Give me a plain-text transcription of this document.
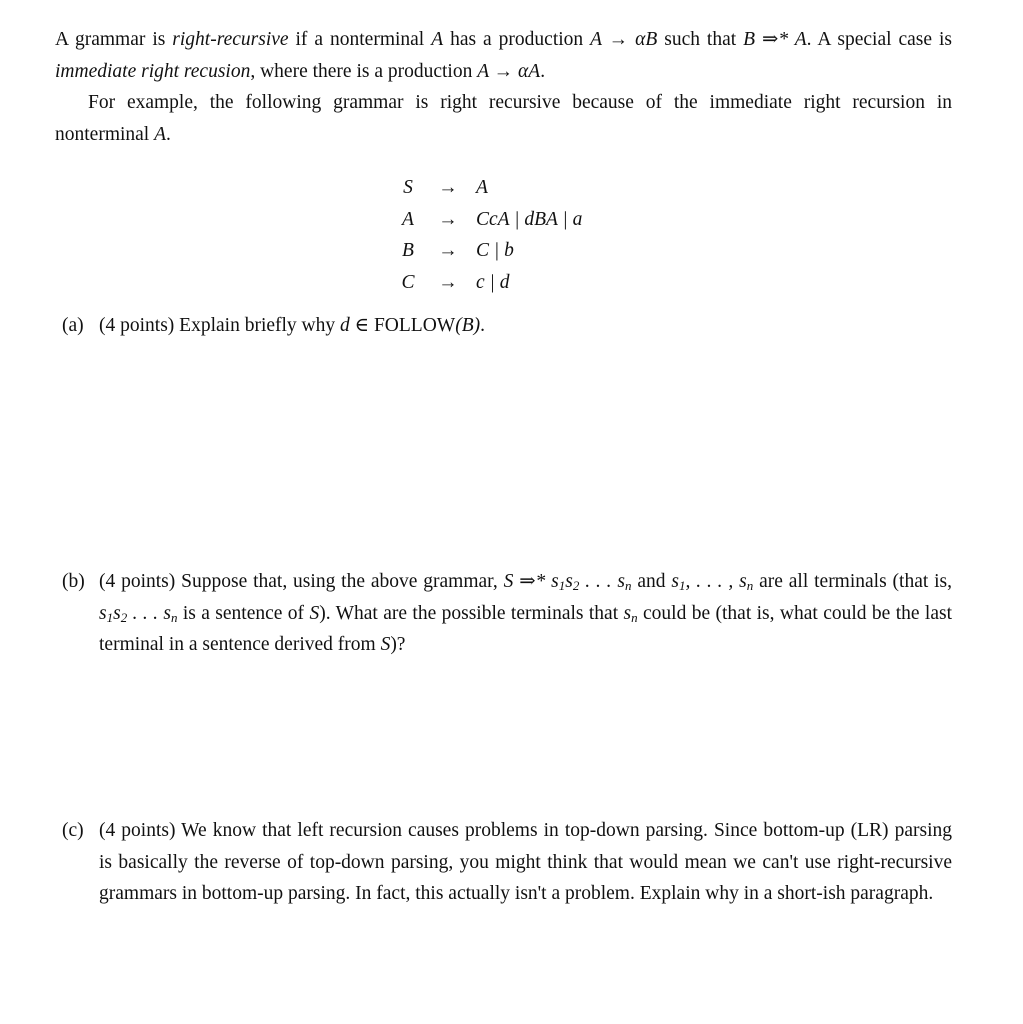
A grammar is right-recursive if a nonterminal A has a production A → αB such that B ⇒* A. A special case is immediate right recusion, where there is a production A → αA.

For example, the following grammar is right recursive because of the immediate right recursion in nonterminal A.

S	→ A
A	→ CcA | dBA | a
B	→ C | b
C → c | d
(a) (4 points) Explain briefly why d ∈ FOLLOW(B).
(b) (4 points) Suppose that, using the above grammar, S ⇒* $s_1s_2$ . . . $s_n$ and $s_1$, . . . , $s_n$ are all terminals (that is, $s_1s_2$ . . . $s_n$ is a sentence of S). What are the possible terminals that $s_n$ could be (that is, what could be the last terminal in a sentence derived from S)?
(c) (4 points) We know that left recursion causes problems in top-down parsing. Since bottom-up (LR) parsing is basically the reverse of top-down parsing, you might think that would mean we can't use right-recursive grammars in bottom-up parsing. In fact, this actually isn't a problem. Explain why in a short-ish paragraph.
